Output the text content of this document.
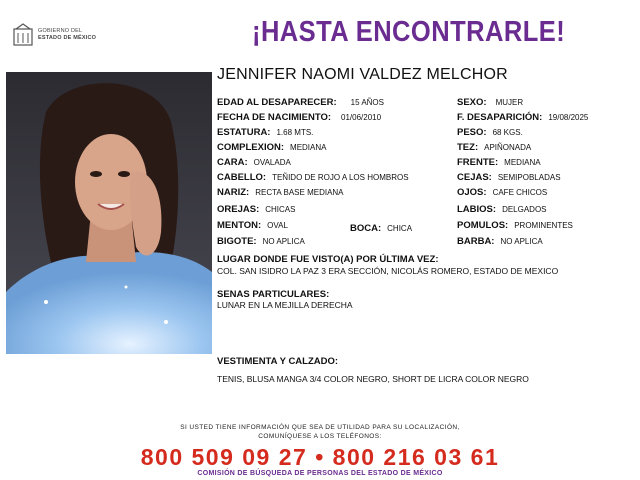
GOBIERNO DEL
ESTADO DE MÉXICO	¡HASTA ENCONTRARLE!
JENNIFER NAOMI VALDEZ MELCHOR
EDAD AL DESAPARECER: 15 AÑOS
FECHA DE NACIMIENTO: 01/06/2010
ESTATURA: 1.68 MTS.
COMPLEXION: MEDIANA
CARA: OVALADA
CABELLO: TEÑIDO DE ROJO A LOS HOMBROS
NARIZ: RECTA BASE MEDIANA
OREJAS: CHICAS
MENTON: OVAL	BOCA: CHICA
BIGOTE: NO APLICA
SEXO: MUJER
F. DESAPARICIÓN: 19/08/2025
PESO: 68 KGS.
TEZ: APIÑONADA
FRENTE: MEDIANA
CEJAS: SEMIPOBLADAS
OJOS: CAFE CHICOS
LABIOS: DELGADOS
POMULOS: PROMINENTES
BARBA: NO APLICA
LUGAR DONDE FUE VISTO(A) POR ÚLTIMA VEZ:
COL. SAN ISIDRO LA PAZ 3 ERA SECCIÓN, NICOLÁS ROMERO, ESTADO DE MEXICO
SENAS PARTICULARES:
LUNAR EN LA MEJILLA DERECHA
VESTIMENTA Y CALZADO:
TENIS, BLUSA MANGA 3/4 COLOR NEGRO, SHORT DE LICRA COLOR NEGRO
SI USTED TIENE INFORMACIÓN QUE SEA DE UTILIDAD PARA SU LOCALIZACIÓN,
COMUNÍQUESE A LOS TELÉFONOS:
800 509 09 27 • 800 216 03 61
COMISIÓN DE BÚSQUEDA DE PERSONAS DEL ESTADO DE MÉXICO
